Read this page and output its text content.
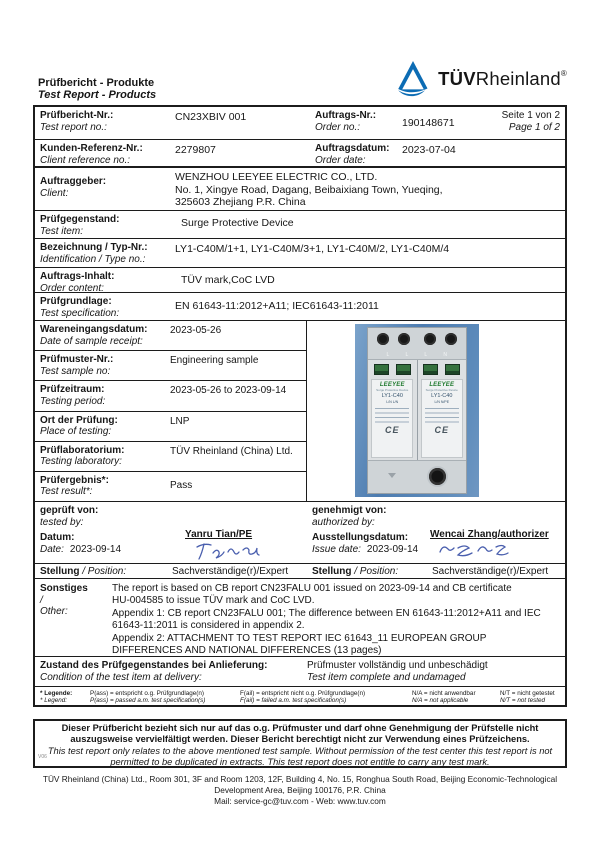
Prüfbericht - Produkte
Test Report - Products
TÜVRheinland®
Prüfbericht-Nr.:
Test report no.:
CN23XBIV 001	Auftrags-Nr.:
Order no.:	190148671
Seite 1 von 2
Page 1 of 2
Kunden-Referenz-Nr.:
Client reference no.:
2279807	Auftragsdatum:
Order date:
2023-07-04
Auftraggeber:
Client:
WENZHOU LEEYEE ELECTRIC CO., LTD.
No. 1, Xingye Road, Dagang, Beibaixiang Town, Yueqing,
325603 Zhejiang P.R. China
Prüfgegenstand:
Test item:
Surge Protective Device
Bezeichnung / Typ-Nr.:
Identification / Type no.:
LY1-C40M/1+1, LY1-C40M/3+1, LY1-C40M/2, LY1-C40M/4
Auftrags-Inhalt:
Order content:
TÜV mark,CoC LVD
Prüfgrundlage:
Test specification:
EN 61643-11:2012+A11; IEC61643-11:2011
Wareneingangsdatum:
Date of sample receipt:
2023-05-26
Prüfmuster-Nr.:
Test sample no:
Engineering sample
Prüfzeitraum:
Testing period:
2023-05-26 to 2023-09-14
Ort der Prüfung:
Place of testing:
LNP
Prüflaboratorium:
Testing laboratory:
TÜV Rheinland (China) Ltd.
Prüfergebnis*:
Test result*:
Pass
L L L N
LEEYEE
Surge Protective Device
LY1-C40
L/N L/N
CE
LEEYEE
Surge Protective Device
LY1-C40
L/N N/PE
CE
geprüft von:
tested by:
Datum:
Date: 2023-09-14
Yanru Tian/PE
genehmigt von:
authorized by:
Ausstellungsdatum:
Issue date: 2023-09-14
Wencai Zhang/authorizer
Stellung / Position:	Sachverständige(r)/Expert	Stellung / Position:	Sachverständige(r)/Expert
Sonstiges
/
Other:
The report is based on CB report CN23FALU 001 issued on 2023-09-14 and CB certificate
HU-004585 to issue TÜV mark and CoC LVD.
Appendix 1: CB report CN23FALU 001; The difference between EN 61643-11:2012+A11 and IEC
61643-11:2011 is considered in appendix 2.
Appendix 2: ATTACHMENT TO TEST REPORT IEC 61643_11 EUROPEAN GROUP
DIFFERENCES AND NATIONAL DIFFERENCES (13 pages)
Zustand des Prüfgegenstandes bei Anlieferung:
Condition of the test item at delivery:
Prüfmuster vollständig und unbeschädigt
Test item complete and undamaged
* Legende:	P(ass) = entspricht o.g. Prüfgrundlage(n)	F(ail) = entspricht nicht o.g. Prüfgrundlage(n)	N/A = nicht anwendbar	N/T = nicht getestet
* Legend:	P(ass) = passed a.m. test specification(s)	F(ail) = failed a.m. test specification(s)	N/A = not applicable	N/T = not tested
Dieser Prüfbericht bezieht sich nur auf das o.g. Prüfmuster und darf ohne Genehmigung der Prüfstelle nicht auszugsweise vervielfältigt werden. Dieser Bericht berechtigt nicht zur Verwendung eines Prüfzeichens.
This test report only relates to the above mentioned test sample. Without permission of the test center this test report is not permitted to be duplicated in extracts. This test report does not entitle to carry any test mark.
V06
TÜV Rheinland (China) Ltd., Room 301, 3F and Room 1203, 12F, Building 4, No. 15, Ronghua South Road, Beijing Economic-Technological
Development Area, Beijing 100176, P.R. China
Mail: service-gc@tuv.com - Web: www.tuv.com
